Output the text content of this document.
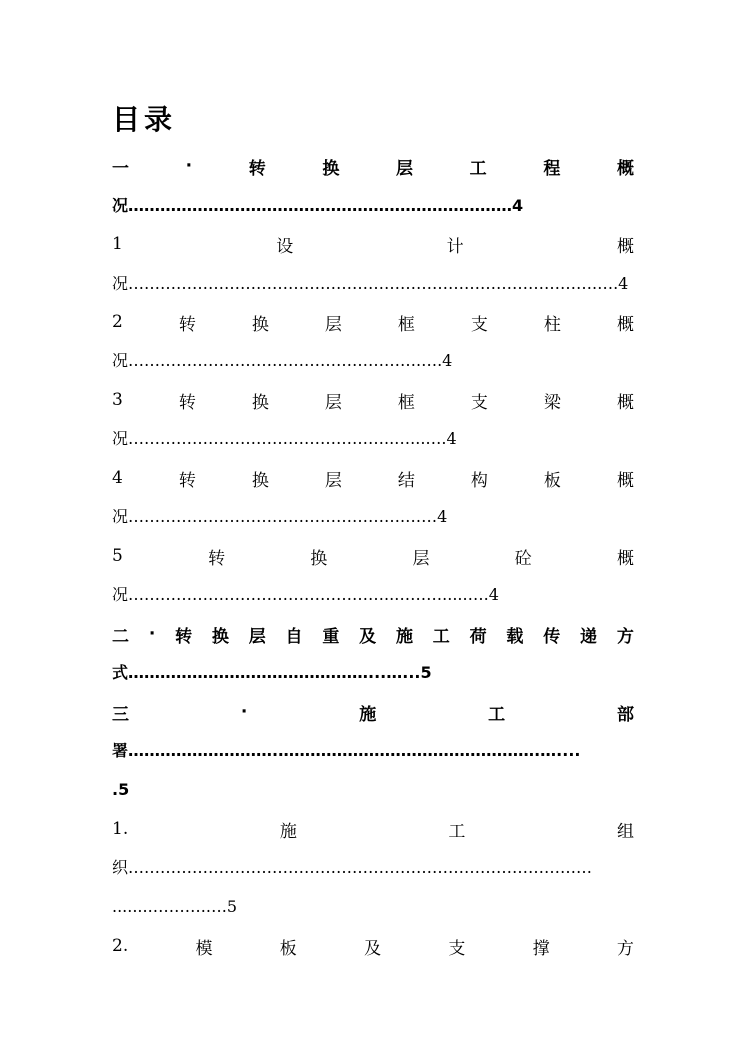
目录
一	·	转	换	层	工	程	概
况………………………………………………………………4
1	设	计	概
况…………………………………………………………………………….….4
2	转	换	层	框	支	柱	概
况……………………………………………….….4
3	转	换	层	框	支	梁	概
况…………………………………………..…...….4
4	转	换	层	结	构	板	概
况…………………………………………….……4
5	转	换	层	砼	概
况…………………………………………..……….....….4
二 · 转 换 层 自 重 及 施 工 荷 载 传 递 方
式………………………………………...…...5
三	·	施	工	部
署……………………….………………………………………….…....
.5
1.	施	工	组
织……………………………………………………………………………
........……….….5
2.	模	板	及	支	撑	方
